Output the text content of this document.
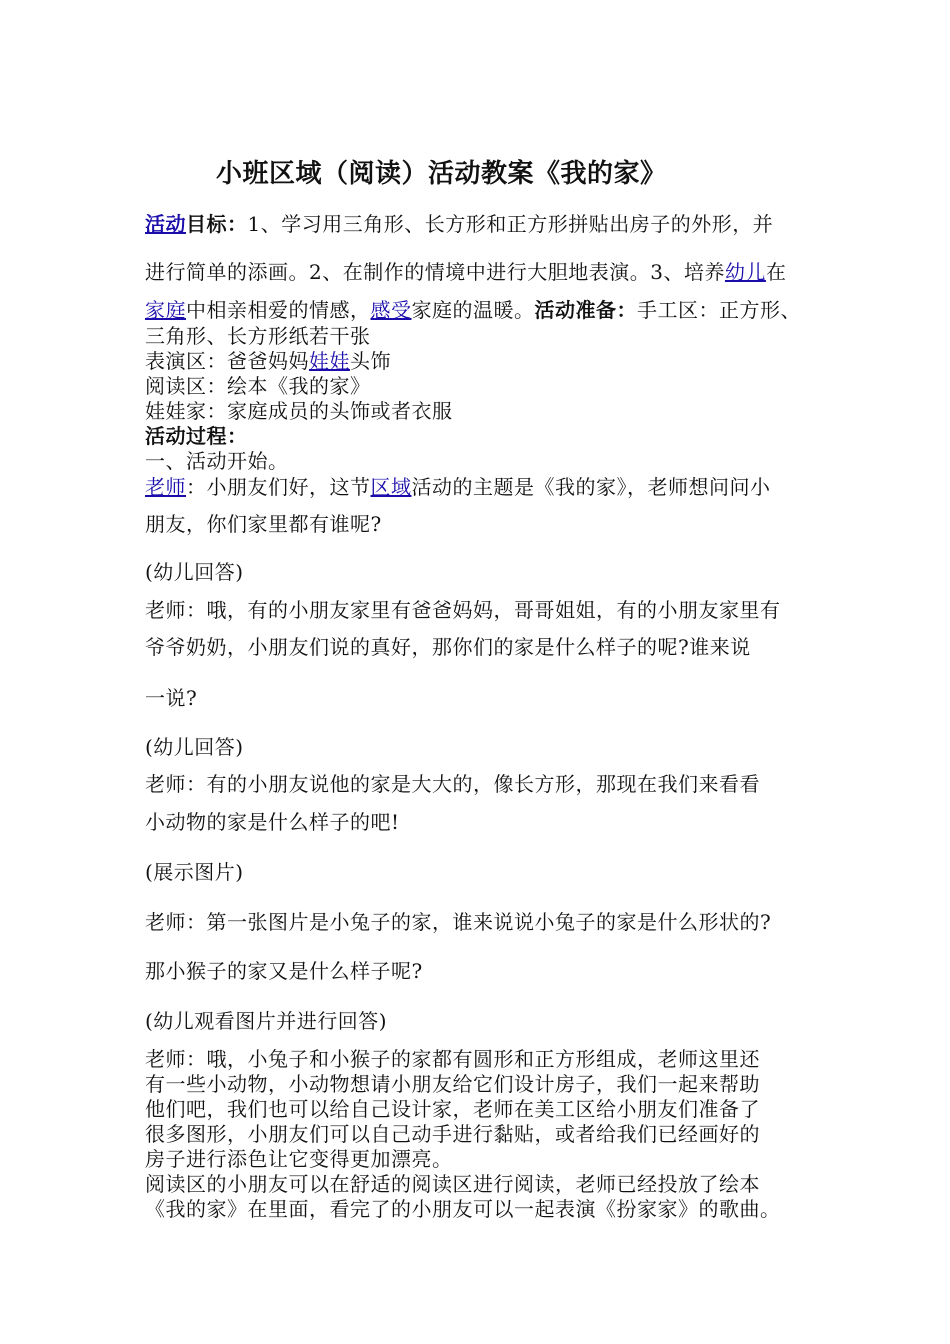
小班区域（阅读）活动教案《我的家》
活动目标：1、学习用三角形、长方形和正方形拼贴出房子的外形，并
进行简单的添画。2、在制作的情境中进行大胆地表演。3、培养幼儿在
家庭中相亲相爱的情感，感受家庭的温暖。活动准备：手工区：正方形、
三角形、长方形纸若干张
表演区：爸爸妈妈娃娃头饰
阅读区：绘本《我的家》
娃娃家：家庭成员的头饰或者衣服
活动过程：
一、活动开始。
老师：小朋友们好，这节区域活动的主题是《我的家》，老师想问问小
朋友，你们家里都有谁呢?
(幼儿回答)
老师：哦，有的小朋友家里有爸爸妈妈，哥哥姐姐，有的小朋友家里有
爷爷奶奶，小朋友们说的真好，那你们的家是什么样子的呢?谁来说
一说?
(幼儿回答)
老师：有的小朋友说他的家是大大的，像长方形，那现在我们来看看
小动物的家是什么样子的吧!
(展示图片)
老师：第一张图片是小兔子的家，谁来说说小兔子的家是什么形状的?
那小猴子的家又是什么样子呢?
(幼儿观看图片并进行回答)
老师：哦，小兔子和小猴子的家都有圆形和正方形组成，老师这里还
有一些小动物，小动物想请小朋友给它们设计房子，我们一起来帮助
他们吧，我们也可以给自己设计家，老师在美工区给小朋友们准备了
很多图形，小朋友们可以自己动手进行黏贴，或者给我们已经画好的
房子进行添色让它变得更加漂亮。
阅读区的小朋友可以在舒适的阅读区进行阅读，老师已经投放了绘本
《我的家》在里面，看完了的小朋友可以一起表演《扮家家》的歌曲。
